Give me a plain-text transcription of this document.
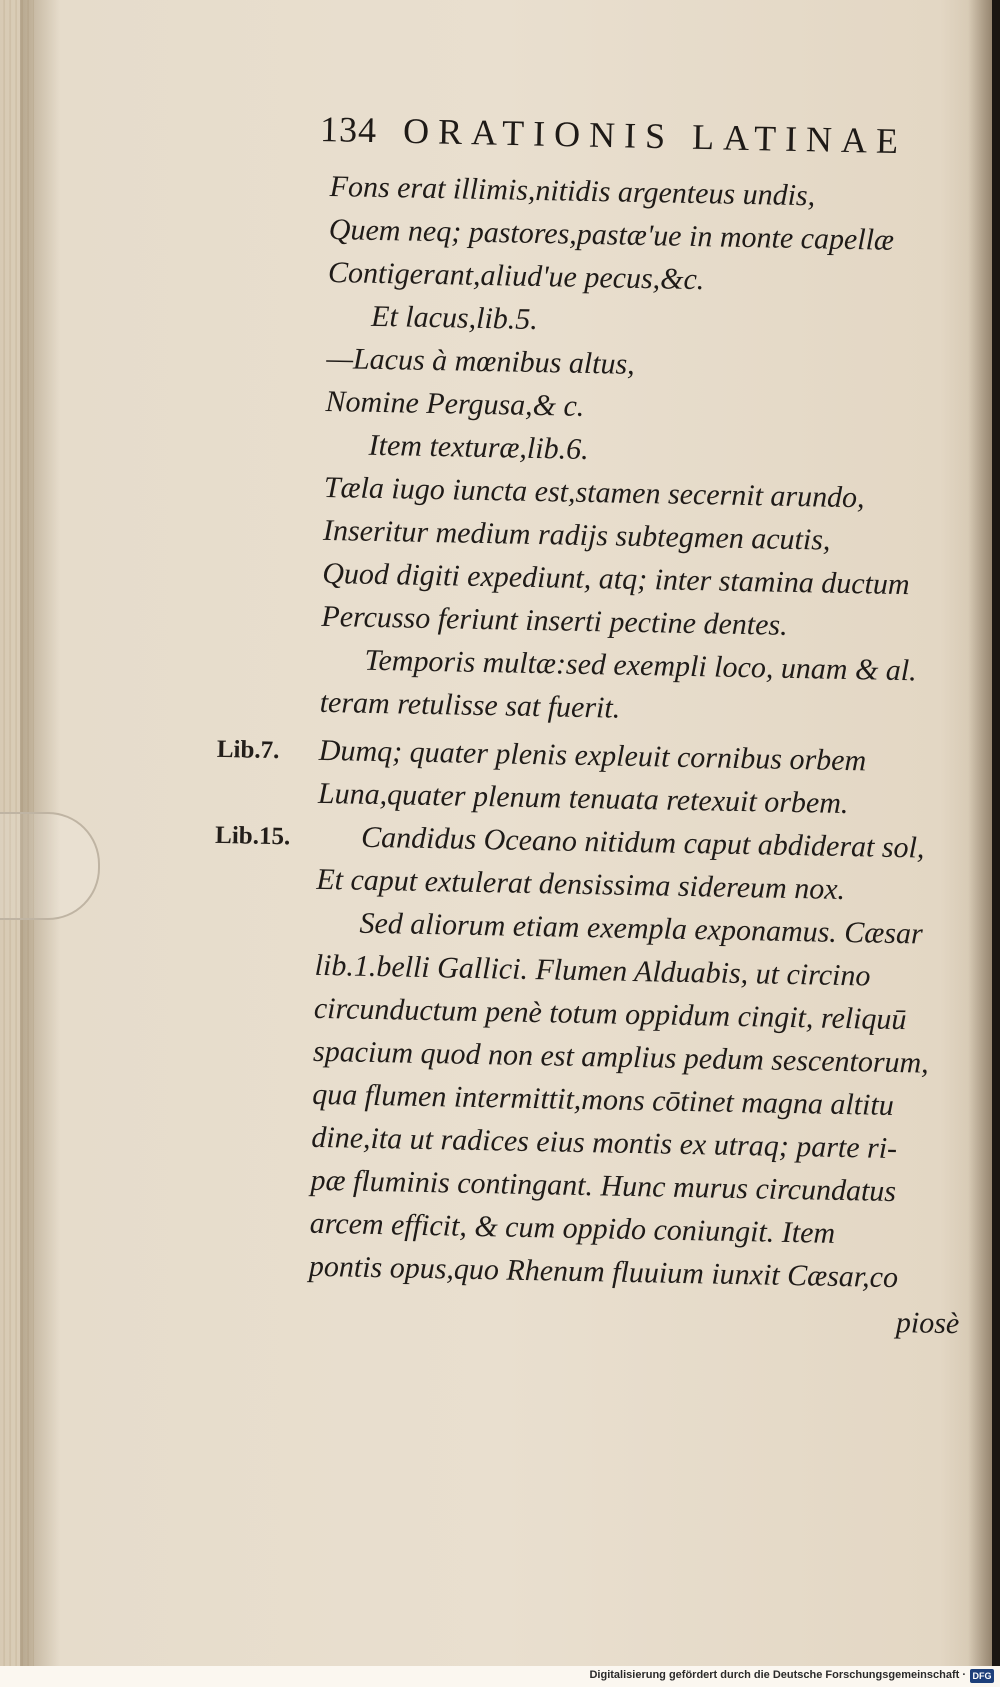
134 ORATIONIS LATINAE
Fons erat illimis,nitidis argenteus undis,
Quem neq; pastores,pastæ'ue in monte capellæ
Contigerant,aliud'ue pecus,&c.
Et lacus,lib.5.
—Lacus à mœnibus altus,
Nomine Pergusa,& c.
Item texturæ,lib.6.
Tæla iugo iuncta est,stamen secernit arundo,
Inseritur medium radijs subtegmen acutis,
Quod digiti expediunt, atq; inter stamina ductum
Percusso feriunt inserti pectine dentes.
Temporis multæ:sed exempli loco, unam & al.
teram retulisse sat fuerit.
Dumq; quater plenis expleuit cornibus orbem
Luna,quater plenum tenuata retexuit orbem.
Candidus Oceano nitidum caput abdiderat sol,
Et caput extulerat densissima sidereum nox.
Sed aliorum etiam exempla exponamus. Cæsar
lib.1.belli Gallici. Flumen Alduabis, ut circino
circunductum penè totum oppidum cingit, reliquū
spacium quod non est amplius pedum sescentorum,
qua flumen intermittit,mons cōtinet magna altitu
dine,ita ut radices eius montis ex utraq; parte ri-
pæ fluminis contingant. Hunc murus circundatus
arcem efficit, & cum oppido coniungit. Item
pontis opus,quo Rhenum fluuium iunxit Cæsar,co
piosè
Lib.7.
Lib.15.
Digitalisierung gefördert durch die Deutsche Forschungsgemeinschaft · DFG
